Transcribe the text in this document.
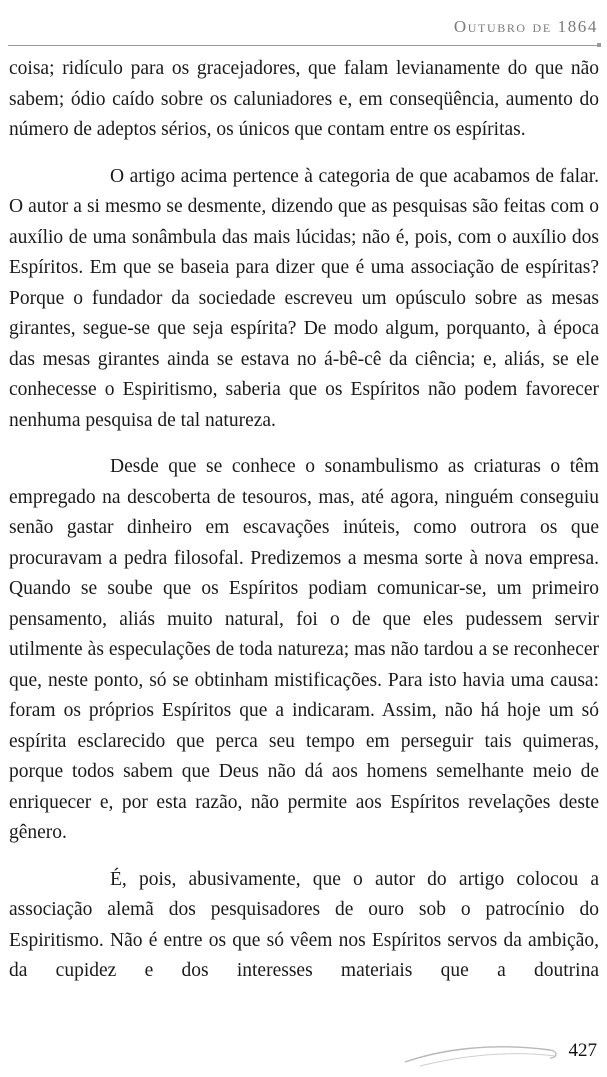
Outubro de 1864

coisa; ridículo para os gracejadores, que falam levianamente do que não sabem; ódio caído sobre os caluniadores e, em conseqüência, aumento do número de adeptos sérios, os únicos que contam entre os espíritas.

O artigo acima pertence à categoria de que acabamos de falar. O autor a si mesmo se desmente, dizendo que as pesquisas são feitas com o auxílio de uma sonâmbula das mais lúcidas; não é, pois, com o auxílio dos Espíritos. Em que se baseia para dizer que é uma associação de espíritas? Porque o fundador da sociedade escreveu um opúsculo sobre as mesas girantes, segue-se que seja espírita? De modo algum, porquanto, à época das mesas girantes ainda se estava no á-bê-cê da ciência; e, aliás, se ele conhecesse o Espiritismo, saberia que os Espíritos não podem favorecer nenhuma pesquisa de tal natureza.

Desde que se conhece o sonambulismo as criaturas o têm empregado na descoberta de tesouros, mas, até agora, ninguém conseguiu senão gastar dinheiro em escavações inúteis, como outrora os que procuravam a pedra filosofal. Predizemos a mesma sorte à nova empresa. Quando se soube que os Espíritos podiam comunicar-se, um primeiro pensamento, aliás muito natural, foi o de que eles pudessem servir utilmente às especulações de toda natureza; mas não tardou a se reconhecer que, neste ponto, só se obtinham mistificações. Para isto havia uma causa: foram os próprios Espíritos que a indicaram. Assim, não há hoje um só espírita esclarecido que perca seu tempo em perseguir tais quimeras, porque todos sabem que Deus não dá aos homens semelhante meio de enriquecer e, por esta razão, não permite aos Espíritos revelações deste gênero.

É, pois, abusivamente, que o autor do artigo colocou a associação alemã dos pesquisadores de ouro sob o patrocínio do Espiritismo. Não é entre os que só vêem nos Espíritos servos da ambição, da cupidez e dos interesses materiais que a doutrina

427
